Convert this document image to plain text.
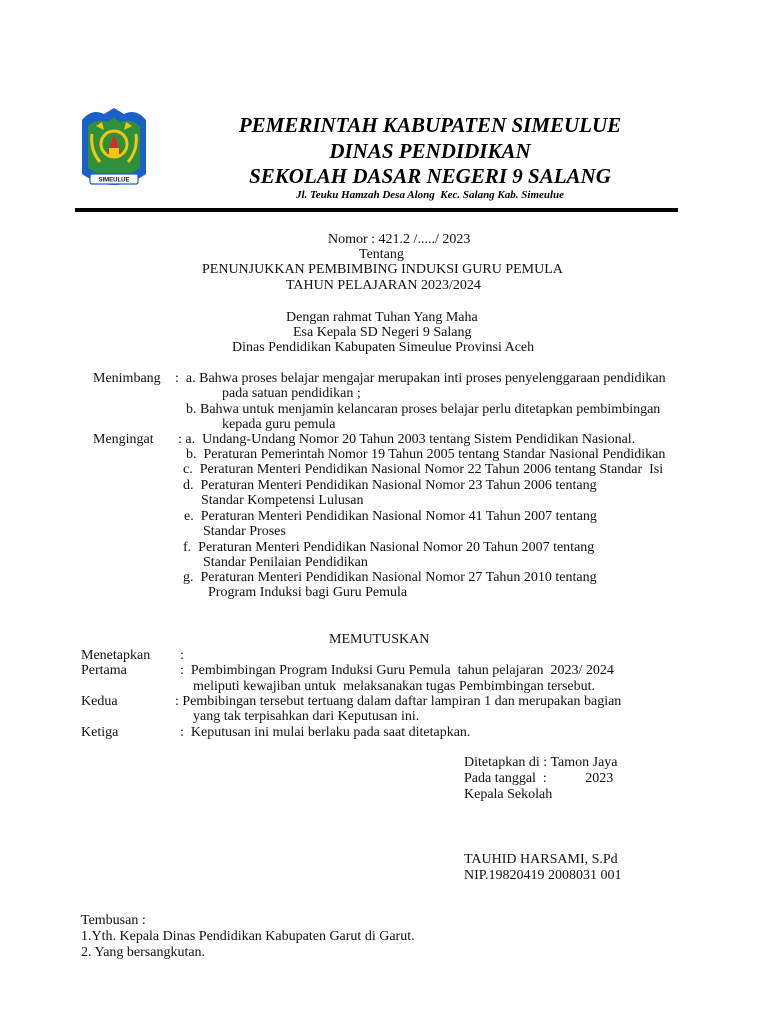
SIMEULUE
PEMERINTAH KABUPATEN SIMEULUE
DINAS PENDIDIKAN
SEKOLAH DASAR NEGERI 9 SALANG
Jl. Teuku Hamzah Desa Along  Kec. Salang Kab. Simeulue
Nomor : 421.2 /...../ 2023
Tentang
PENUNJUKKAN PEMBIMBING INDUKSI GURU PEMULA
TAHUN PELAJARAN 2023/2024
Dengan rahmat Tuhan Yang Maha
Esa Kepala SD Negeri 9 Salang
Dinas Pendidikan Kabupaten Simeulue Provinsi Aceh
Menimbang :  a. Bahwa proses belajar mengajar merupakan inti proses penyelenggaraan pendidikan
pada satuan pendidikan ;
b. Bahwa untuk menjamin kelancaran proses belajar perlu ditetapkan pembimbingan
kepada guru pemula
Mengingat : a.  Undang-Undang Nomor 20 Tahun 2003 tentang Sistem Pendidikan Nasional.
b.  Peraturan Pemerintah Nomor 19 Tahun 2005 tentang Standar Nasional Pendidikan
c.  Peraturan Menteri Pendidikan Nasional Nomor 22 Tahun 2006 tentang Standar  Isi
d.  Peraturan Menteri Pendidikan Nasional Nomor 23 Tahun 2006 tentang
Standar Kompetensi Lulusan
e.  Peraturan Menteri Pendidikan Nasional Nomor 41 Tahun 2007 tentang
Standar Proses
f.  Peraturan Menteri Pendidikan Nasional Nomor 20 Tahun 2007 tentang
Standar Penilaian Pendidikan
g.  Peraturan Menteri Pendidikan Nasional Nomor 27 Tahun 2010 tentang
Program Induksi bagi Guru Pemula
MEMUTUSKAN
Menetapkan :
Pertama	:  Pembimbingan Program Induksi Guru Pemula  tahun pelajaran  2023/ 2024
meliputi kewajiban untuk  melaksanakan tugas Pembimbingan tersebut.
Kedua	: Pembibingan tersebut tertuang dalam daftar lampiran 1 dan merupakan bagian
yang tak terpisahkan dari Keputusan ini.
Ketiga	:  Keputusan ini mulai berlaku pada saat ditetapkan.
Ditetapkan di : Tamon Jaya
Pada tanggal  :           2023
Kepala Sekolah
TAUHID HARSAMI, S.Pd
NIP.19820419 2008031 001
Tembusan :
1.Yth. Kepala Dinas Pendidikan Kabupaten Garut di Garut.
2. Yang bersangkutan.
